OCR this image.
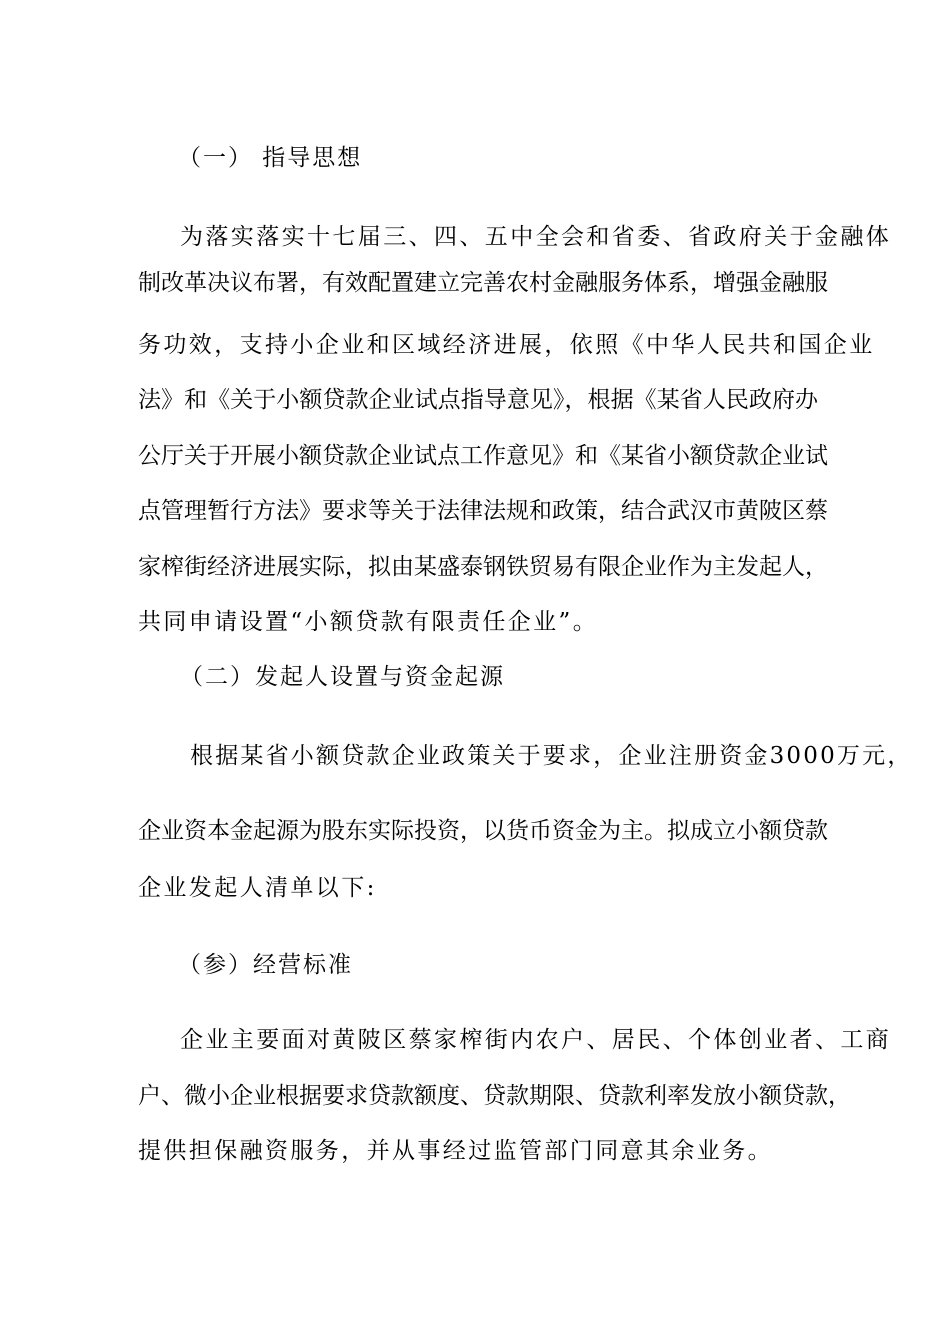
（一） 指导思想
为落实落实十七届三、四、五中全会和省委、省政府关于金融体
制改革决议布署，有效配置建立完善农村金融服务体系，增强金融服
务功效，支持小企业和区域经济进展，依照《中华人民共和国企业
法》和《关于小额贷款企业试点指导意见》，根据《某省人民政府办
公厅关于开展小额贷款企业试点工作意见》和《某省小额贷款企业试
点管理暂行方法》要求等关于法律法规和政策，结合武汉市黄陂区蔡
家榨街经济进展实际，拟由某盛泰钢铁贸易有限企业作为主发起人，
共同申请设置“小额贷款有限责任企业”。
（二）发起人设置与资金起源
根据某省小额贷款企业政策关于要求，企业注册资金3000万元，
企业资本金起源为股东实际投资，以货币资金为主。拟成立小额贷款
企业发起人清单以下:
（参）经营标准
企业主要面对黄陂区蔡家榨街内农户、居民、个体创业者、工商
户、微小企业根据要求贷款额度、贷款期限、贷款利率发放小额贷款，
提供担保融资服务，并从事经过监管部门同意其余业务。
